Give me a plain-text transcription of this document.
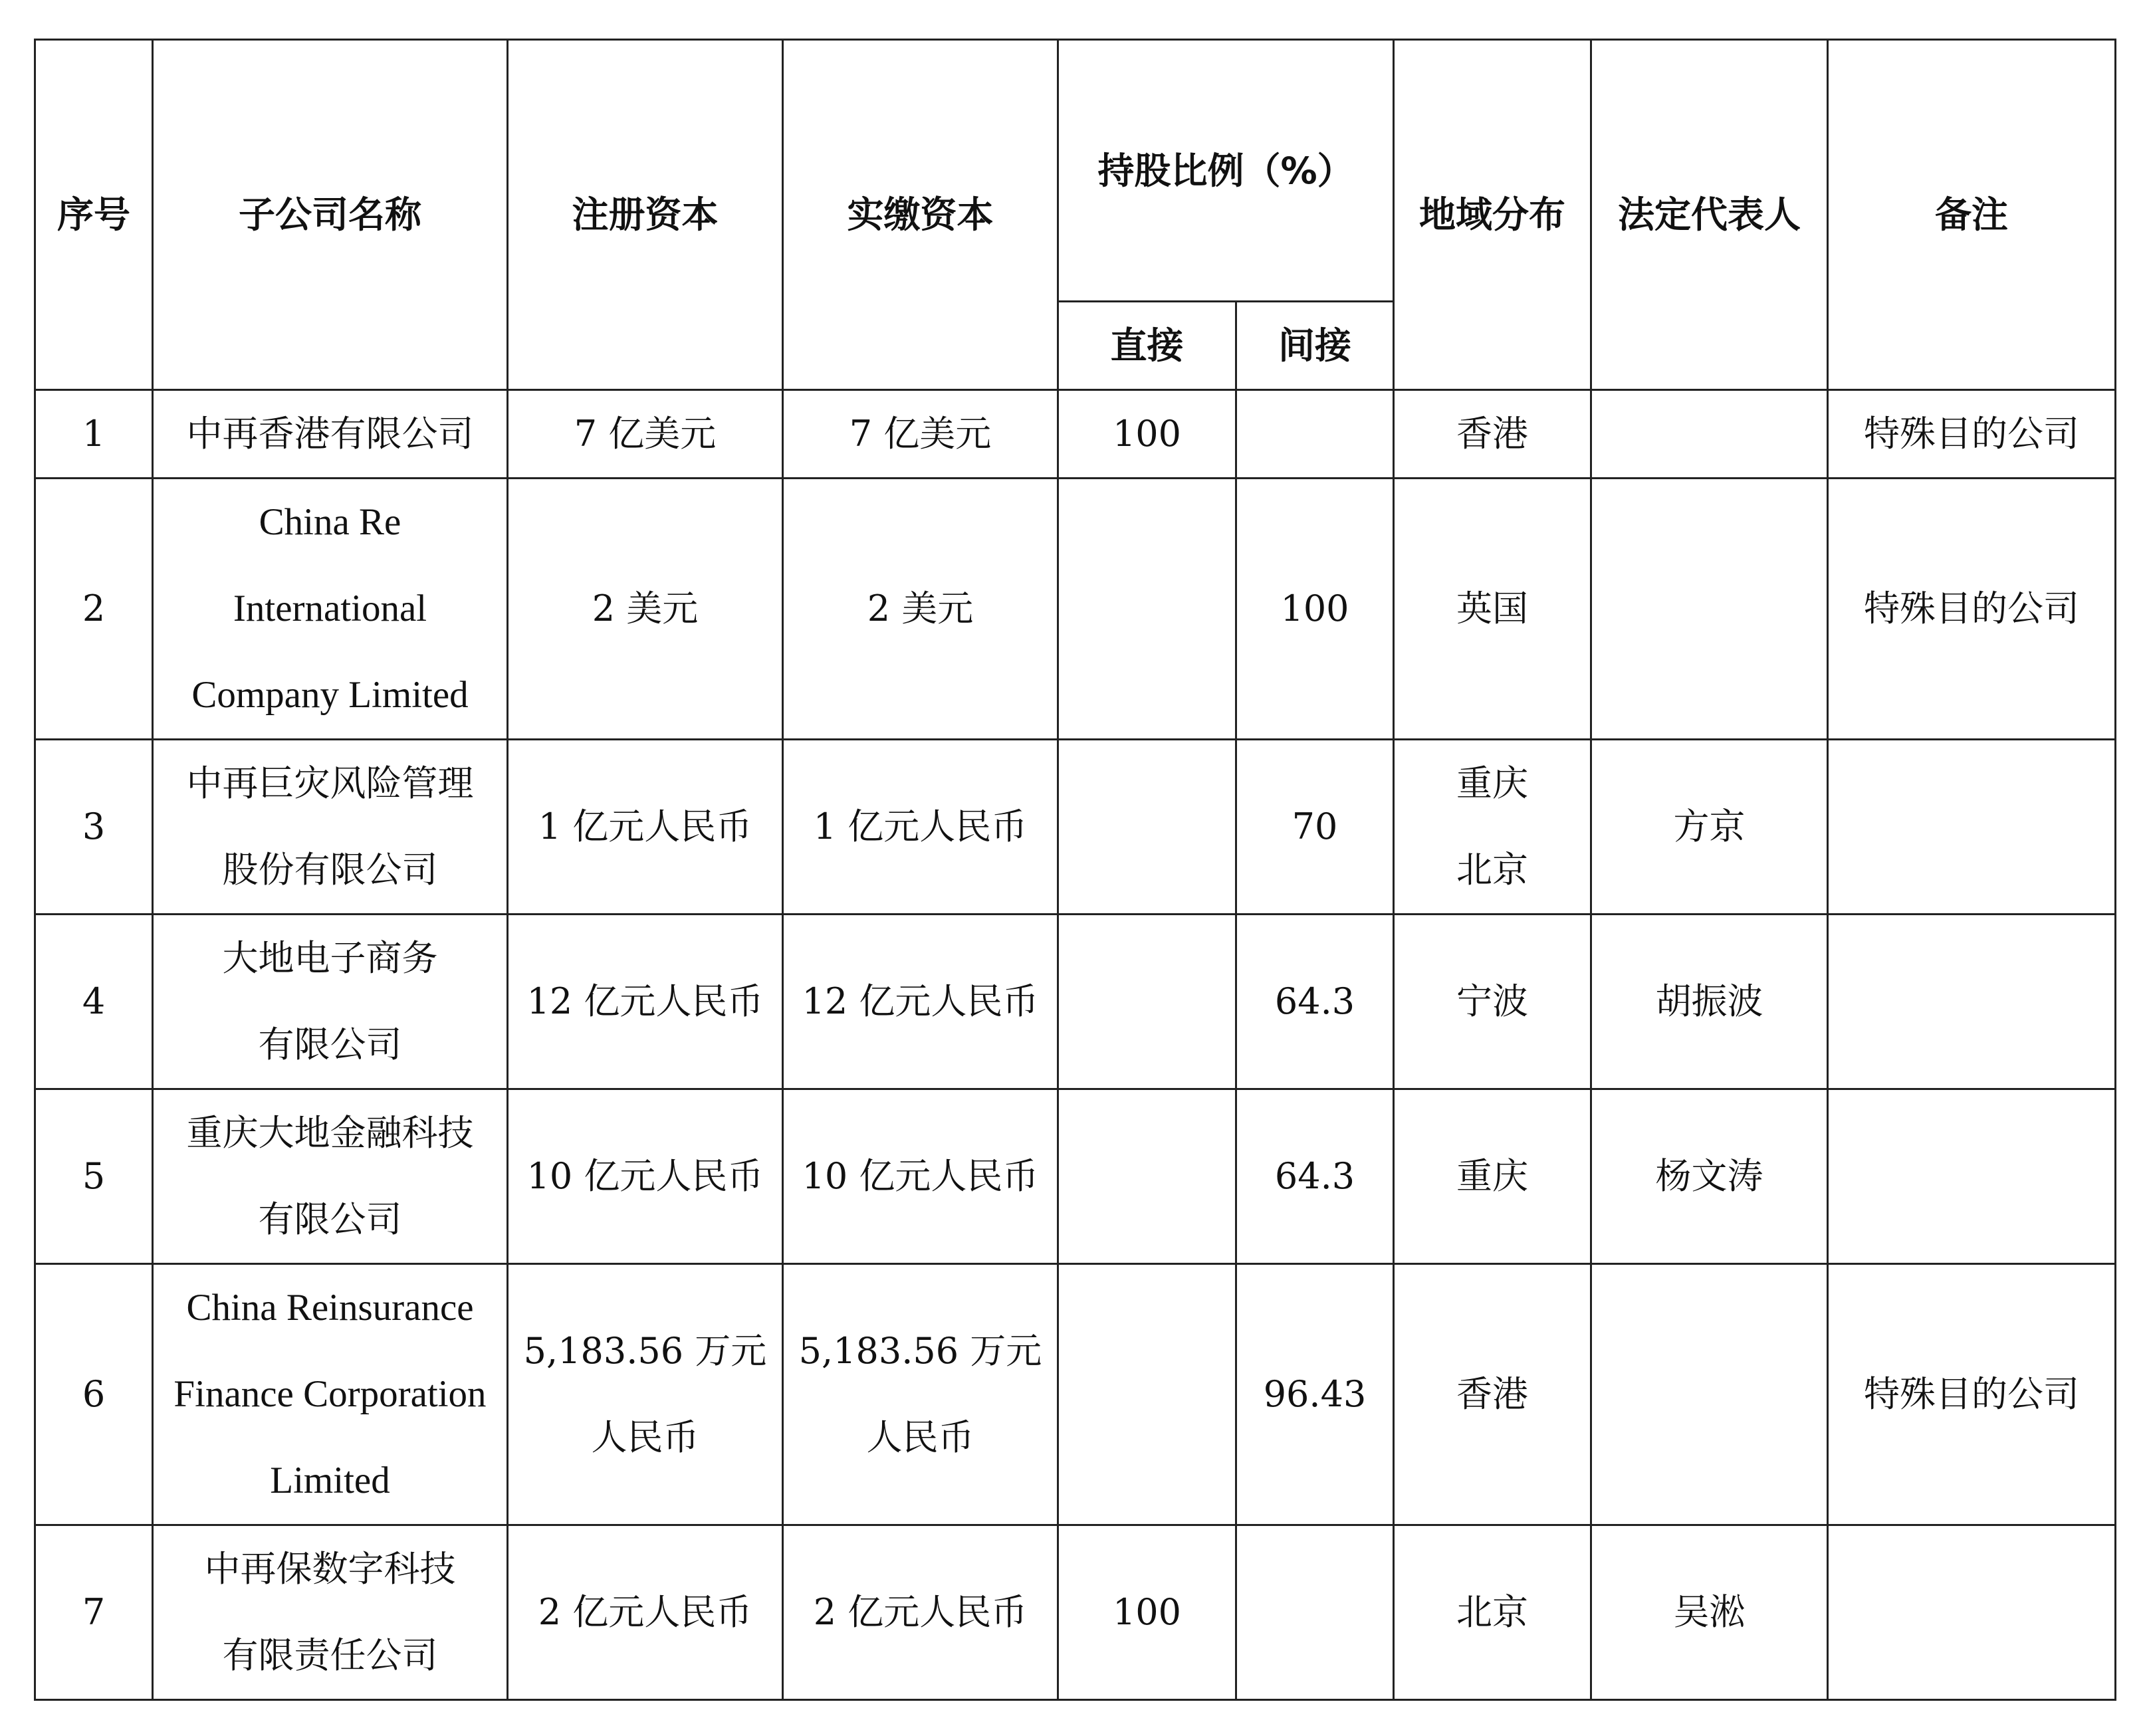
序号	子公司名称	注册资本	实缴资本	持股比例（%）		地域分布	法定代表人	备注
				直接	间接			
1	中再香港有限公司	7 亿美元	7 亿美元	100		香港		特殊目的公司
2	China Re
International
Company Limited	2 美元	2 美元		100	英国		特殊目的公司
3	中再巨灾风险管理
股份有限公司	1 亿元人民币	1 亿元人民币		70	重庆
北京	方京	
4	大地电子商务
有限公司	12 亿元人民币	12 亿元人民币		64.3	宁波	胡振波	
5	重庆大地金融科技
有限公司	10 亿元人民币	10 亿元人民币		64.3	重庆	杨文涛	
6	China Reinsurance
Finance Corporation
Limited	5,183.56 万元
人民币	5,183.56 万元
人民币		96.43	香港		特殊目的公司
7	中再保数字科技
有限责任公司	2 亿元人民币	2 亿元人民币	100		北京	吴淞	
